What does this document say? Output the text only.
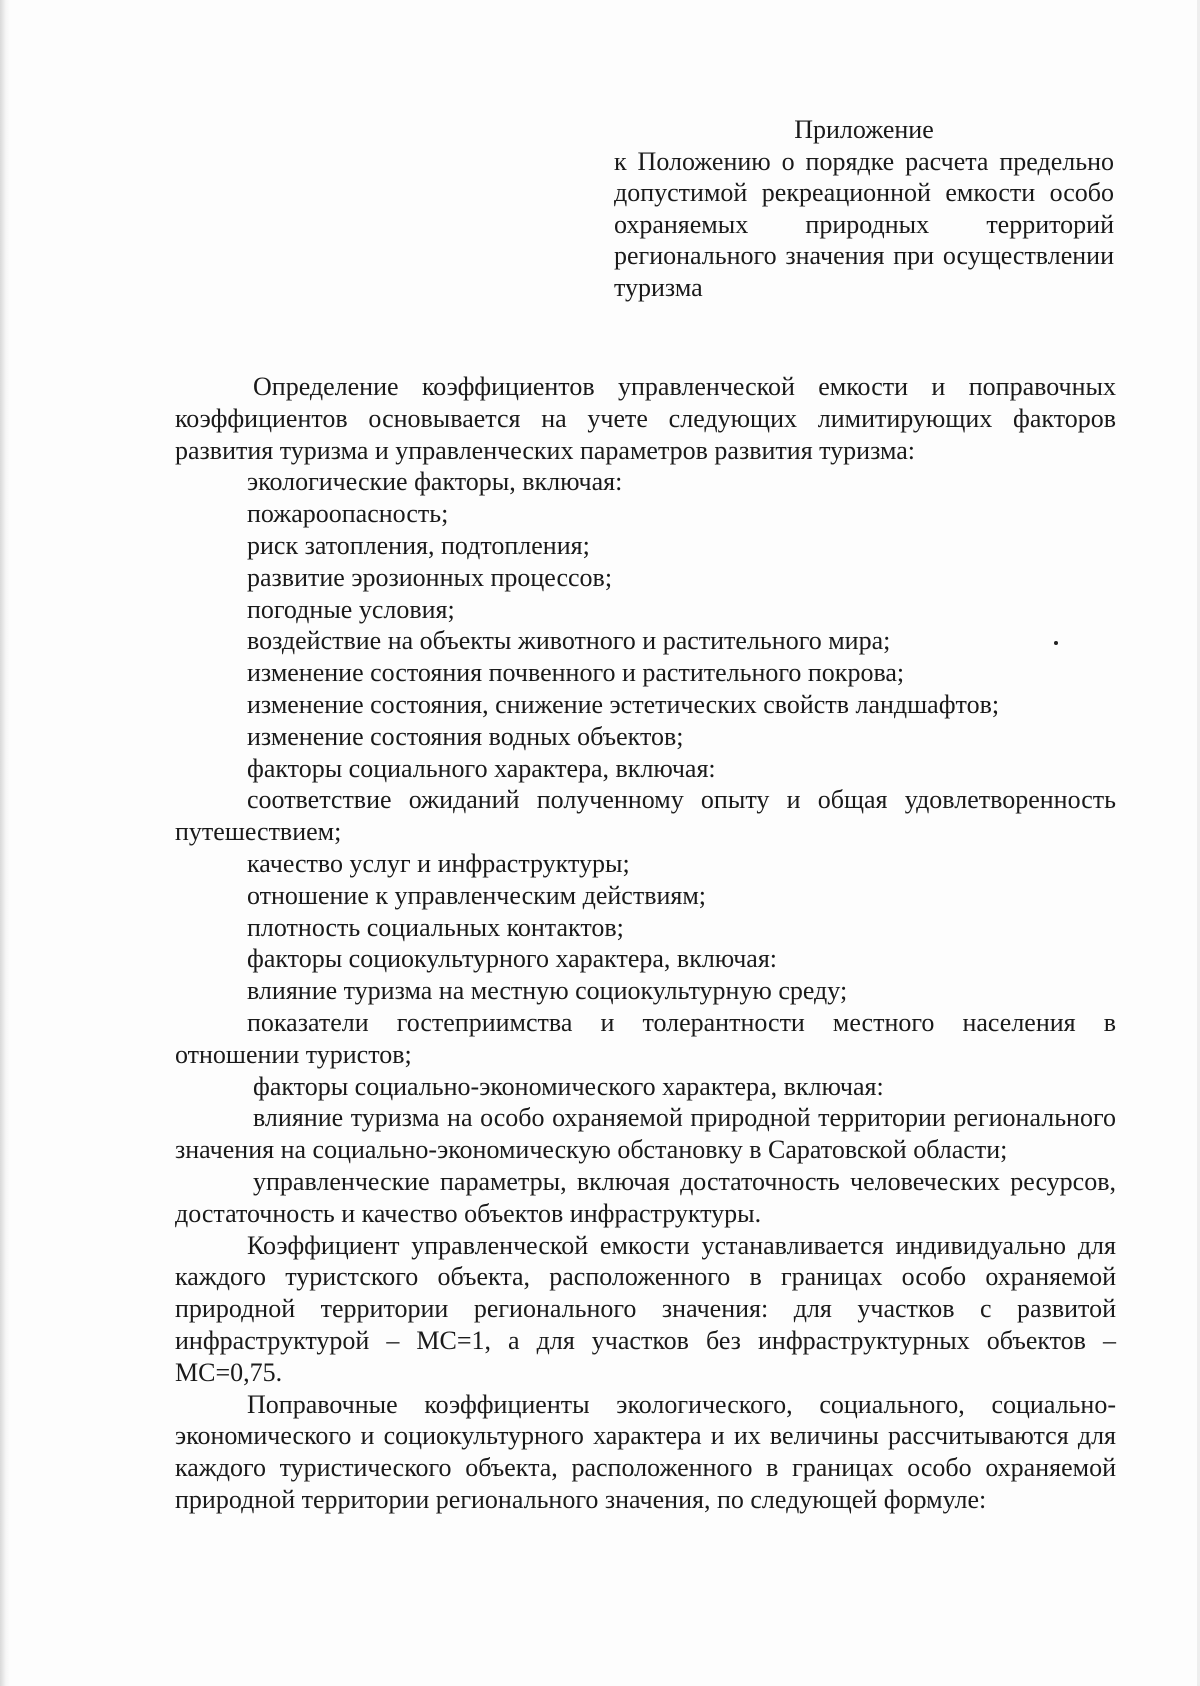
Приложение

к Положению о порядке расчета предельно допустимой рекреационной емкости особо охраняемых природных территорий регионального значения при осуществлении туризма

Определение коэффициентов управленческой емкости и поправочных коэффициентов основывается на учете следующих лимитирующих факторов развития туризма и управленческих параметров развития туризма:

экологические факторы, включая:

пожароопасность;

риск затопления, подтопления;

развитие эрозионных процессов;

погодные условия;

воздействие на объекты животного и растительного мира;

изменение состояния почвенного и растительного покрова;

изменение состояния, снижение эстетических свойств ландшафтов;

изменение состояния водных объектов;

факторы социального характера, включая:

соответствие ожиданий полученному опыту и общая удовлетворенность путешествием;

качество услуг и инфраструктуры;

отношение к управленческим действиям;

плотность социальных контактов;

факторы социокультурного характера, включая:

влияние туризма на местную социокультурную среду;

показатели гостеприимства и толерантности местного населения в отношении туристов;

факторы социально-экономического характера, включая:

влияние туризма на особо охраняемой природной территории регионального значения на социально-экономическую обстановку в Саратовской области;

управленческие параметры, включая достаточность человеческих ресурсов, достаточность и качество объектов инфраструктуры.

Коэффициент управленческой емкости устанавливается индивидуально для каждого туристского объекта, расположенного в границах особо охраняемой природной территории регионального значения: для участков с развитой инфраструктурой – МС=1, а для участков без инфраструктурных объектов – МС=0,75.

Поправочные коэффициенты экологического, социального, социально-экономического и социокультурного характера и их величины рассчитываются для каждого туристического объекта, расположенного в границах особо охраняемой природной территории регионального значения, по следующей формуле:
